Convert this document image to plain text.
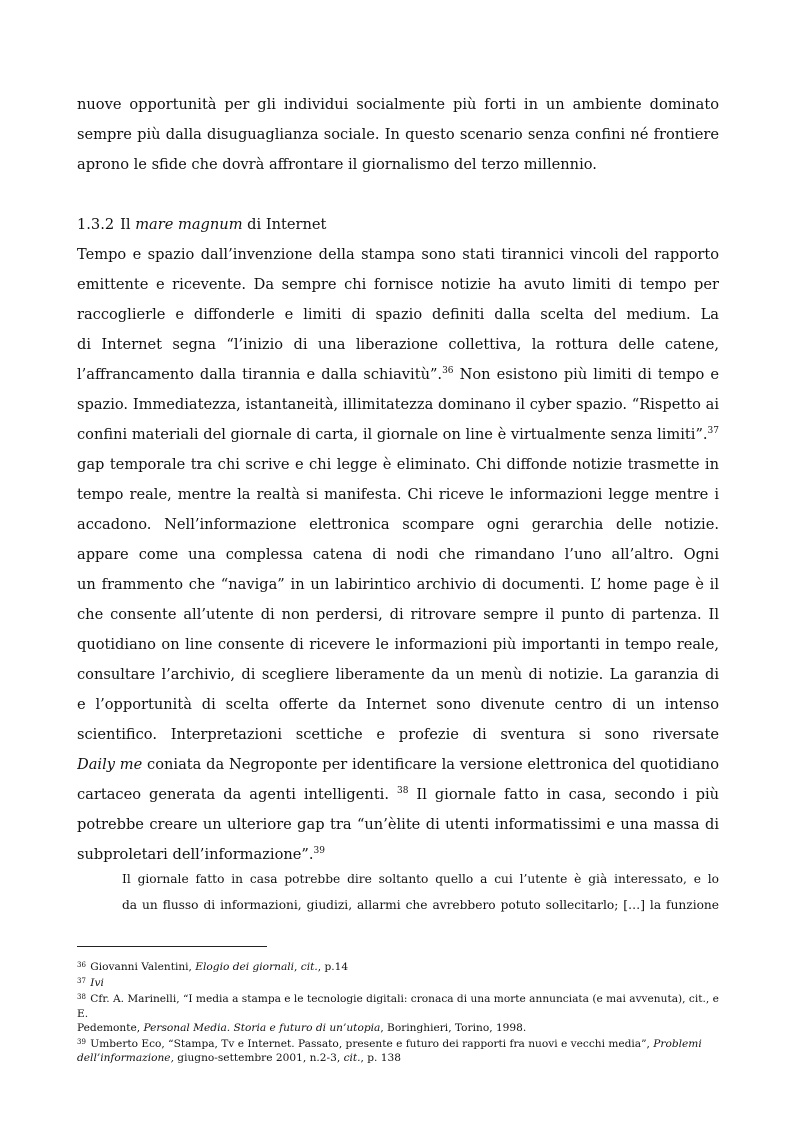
nuove opportunità per gli individui socialmente più forti in un ambiente dominato
sempre più dalla disuguaglianza sociale. In questo scenario senza confini né frontiere
aprono le sfide che dovrà affrontare il giornalismo del terzo millennio.
1.3.2 Il mare magnum di Internet
Tempo e spazio dall’invenzione della stampa sono stati tirannici vincoli del rapporto
emittente e ricevente. Da sempre chi fornisce notizie ha avuto limiti di tempo per
raccoglierle e diffonderle e limiti di spazio definiti dalla scelta del medium. La
di Internet segna “l’inizio di una liberazione collettiva, la rottura delle catene,
l’affrancamento dalla tirannia e dalla schiavitù”.$^{36}$ Non esistono più limiti di tempo e
spazio. Immediatezza, istantaneità, illimitatezza dominano il cyber spazio. “Rispetto ai
confini materiali del giornale di carta, il giornale on line è virtualmente senza limiti”.$^{37}$
gap temporale tra chi scrive e chi legge è eliminato. Chi diffonde notizie trasmette in
tempo reale, mentre la realtà si manifesta. Chi riceve le informazioni legge mentre i
accadono. Nell’informazione elettronica scompare ogni gerarchia delle notizie.
appare come una complessa catena di nodi che rimandano l’uno all’altro. Ogni
un frammento che “naviga” in un labirintico archivio di documenti. L’ home page è il
che consente all’utente di non perdersi, di ritrovare sempre il punto di partenza. Il
quotidiano on line consente di ricevere le informazioni più importanti in tempo reale,
consultare l’archivio, di scegliere liberamente da un menù di notizie. La garanzia di
e l’opportunità di scelta offerte da Internet sono divenute centro di un intenso
scientifico. Interpretazioni scettiche e profezie di sventura si sono riversate
Daily me coniata da Negroponte per identificare la versione elettronica del quotidiano
cartaceo generata da agenti intelligenti. $^{38}$ Il giornale fatto in casa, secondo i più
potrebbe creare un ulteriore gap tra “un’èlite di utenti informatissimi e una massa di
subproletari dell’informazione”.$^{39}$
Il giornale fatto in casa potrebbe dire soltanto quello a cui l’utente è già interessato, e lo
da un flusso di informazioni, giudizi, allarmi che avrebbero potuto sollecitarlo; […] la funzione
$^{36}$ Giovanni Valentini, Elogio dei giornali, cit., p.14
$^{37}$ Ivi
$^{38}$ Cfr. A. Marinelli, “I media a stampa e le tecnologie digitali: cronaca di una morte annunciata (e mai avvenuta), cit., e E.
Pedemonte, Personal Media. Storia e futuro di un’utopia, Boringhieri, Torino, 1998.
$^{39}$ Umberto Eco, “Stampa, Tv e Internet. Passato, presente e futuro dei rapporti fra nuovi e vecchi media”, Problemi
dell’informazione, giugno-settembre 2001, n.2-3, cit., p. 138
